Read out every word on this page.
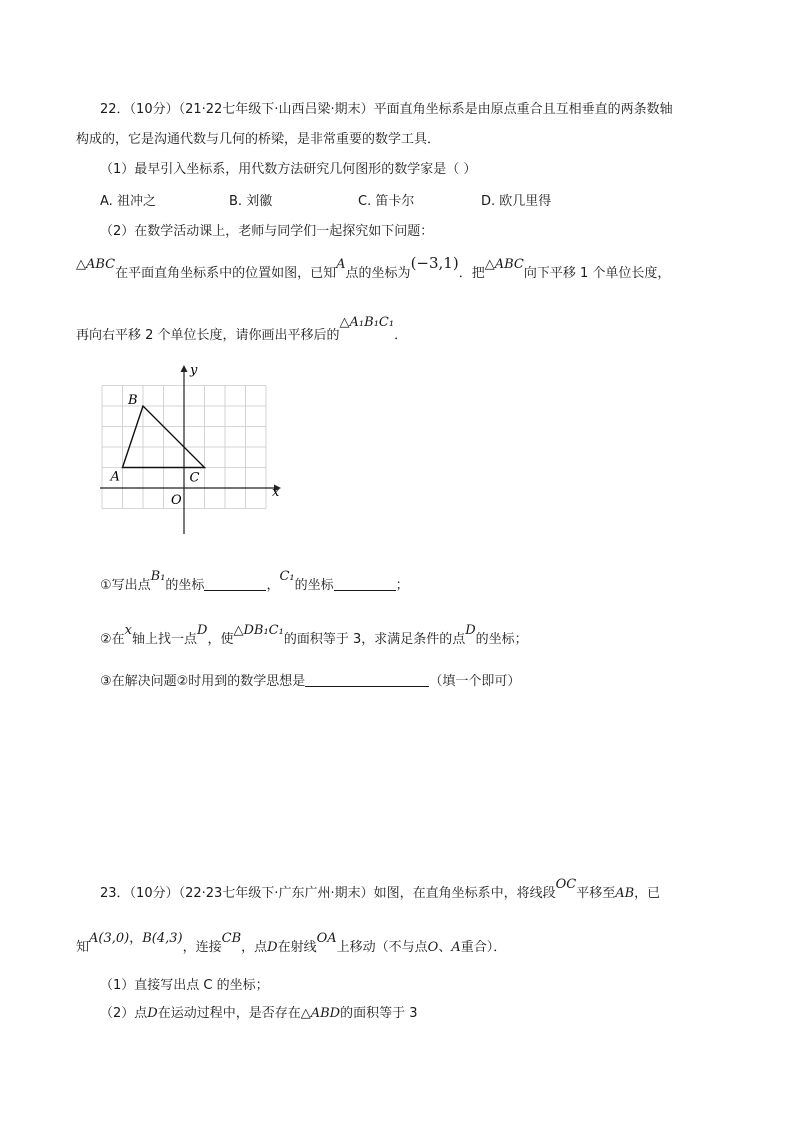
22．（10分）（21·22七年级下·山西吕梁·期末）平面直角坐标系是由原点重合且互相垂直的两条数轴
构成的，它是沟通代数与几何的桥梁，是非常重要的数学工具．
（1）最早引入坐标系，用代数方法研究几何图形的数学家是（ ）
A. 祖冲之	B. 刘徽	C. 笛卡尔	D. 欧几里得
（2）在数学活动课上，老师与同学们一起探究如下问题：
△ABC在平面直角坐标系中的位置如图，已知A点的坐标为(−3,1)．把△ABC向下平移 1 个单位长度，
再向右平移 2 个单位长度，请你画出平移后的△A₁B₁C₁．
y
x
O
A
B
C
①写出点B₁的坐标	，C₁的坐标	；
②在x轴上找一点D，使△DB₁C₁的面积等于 3，求满足条件的点D的坐标；
③在解决问题②时用到的数学思想是	（填一个即可）
23．（10分）（22·23七年级下·广东广州·期末）如图，在直角坐标系中，将线段OC平移至AB，已
知A(3,0)，B(4,3)，连接CB，点D在射线OA上移动（不与点O、A重合）．
（1）直接写出点 C 的坐标；
（2）点D在运动过程中，是否存在△ABD的面积等于 3
